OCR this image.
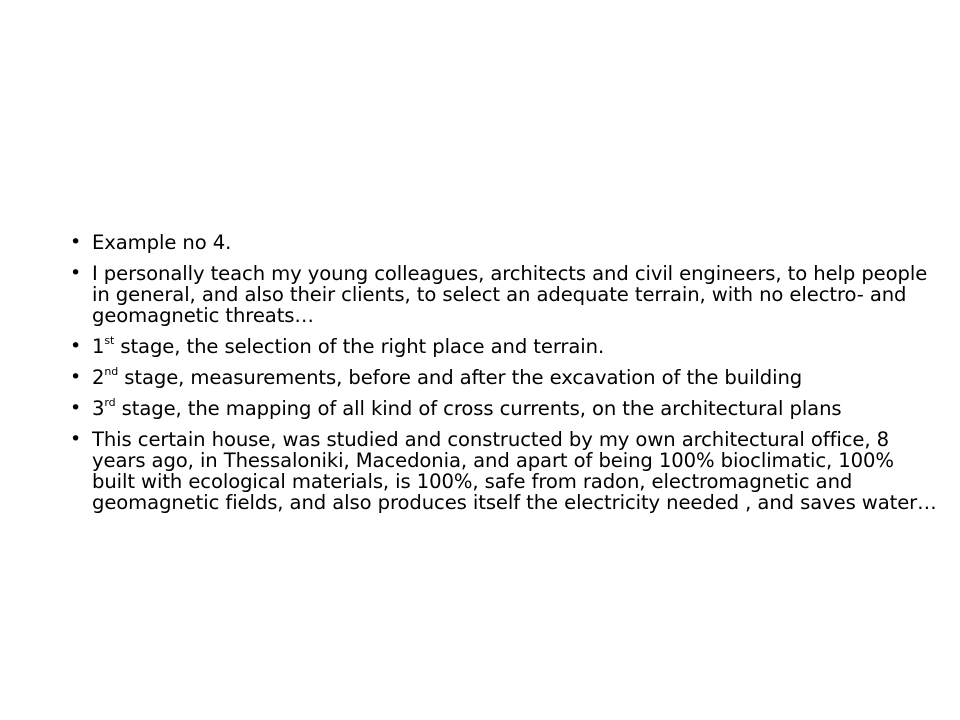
• Example no 4.
• I personally teach my young colleagues, architects and civil engineers, to help people in general, and also their clients, to select an adequate terrain, with no electro- and geomagnetic threats…
• 1st stage, the selection of the right place and terrain.
• 2nd stage, measurements, before and after the excavation of the building
• 3rd stage, the mapping of all kind of cross currents, on the architectural plans
• This certain house, was studied and constructed by my own architectural office, 8 years ago, in Thessaloniki, Macedonia, and apart of being 100% bioclimatic, 100% built with ecological materials, is 100%, safe from radon, electromagnetic and geomagnetic fields, and also produces itself the electricity needed , and saves water…
